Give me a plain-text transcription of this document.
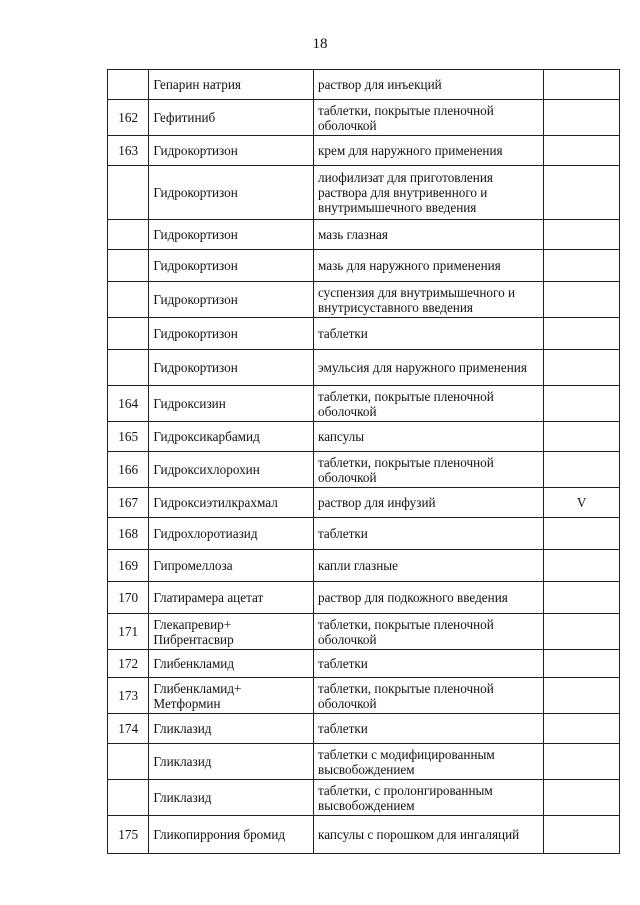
18
	Гепарин натрия	раствор для инъекций	
162	Гефитиниб	таблетки, покрытые пленочной оболочкой	
163	Гидрокортизон	крем для наружного применения	
	Гидрокортизон	лиофилизат для приготовления раствора для внутривенного и внутримышечного введения	
	Гидрокортизон	мазь глазная	
	Гидрокортизон	мазь для наружного применения	
	Гидрокортизон	суспензия для внутримышечного и внутрисуставного введения	
	Гидрокортизон	таблетки	
	Гидрокортизон	эмульсия для наружного применения	
164	Гидроксизин	таблетки, покрытые пленочной оболочкой	
165	Гидроксикарбамид	капсулы	
166	Гидроксихлорохин	таблетки, покрытые пленочной оболочкой	
167	Гидроксиэтилкрахмал	раствор для инфузий	V
168	Гидрохлоротиазид	таблетки	
169	Гипромеллоза	капли глазные	
170	Глатирамера ацетат	раствор для подкожного введения	
171	Глекапревир+ Пибрентасвир	таблетки, покрытые пленочной оболочкой	
172	Глибенкламид	таблетки	
173	Глибенкламид+ Метформин	таблетки, покрытые пленочной оболочкой	
174	Гликлазид	таблетки	
	Гликлазид	таблетки с модифицированным высвобождением	
	Гликлазид	таблетки, с пролонгированным высвобождением	
175	Гликопиррония бромид	капсулы с порошком для ингаляций	
